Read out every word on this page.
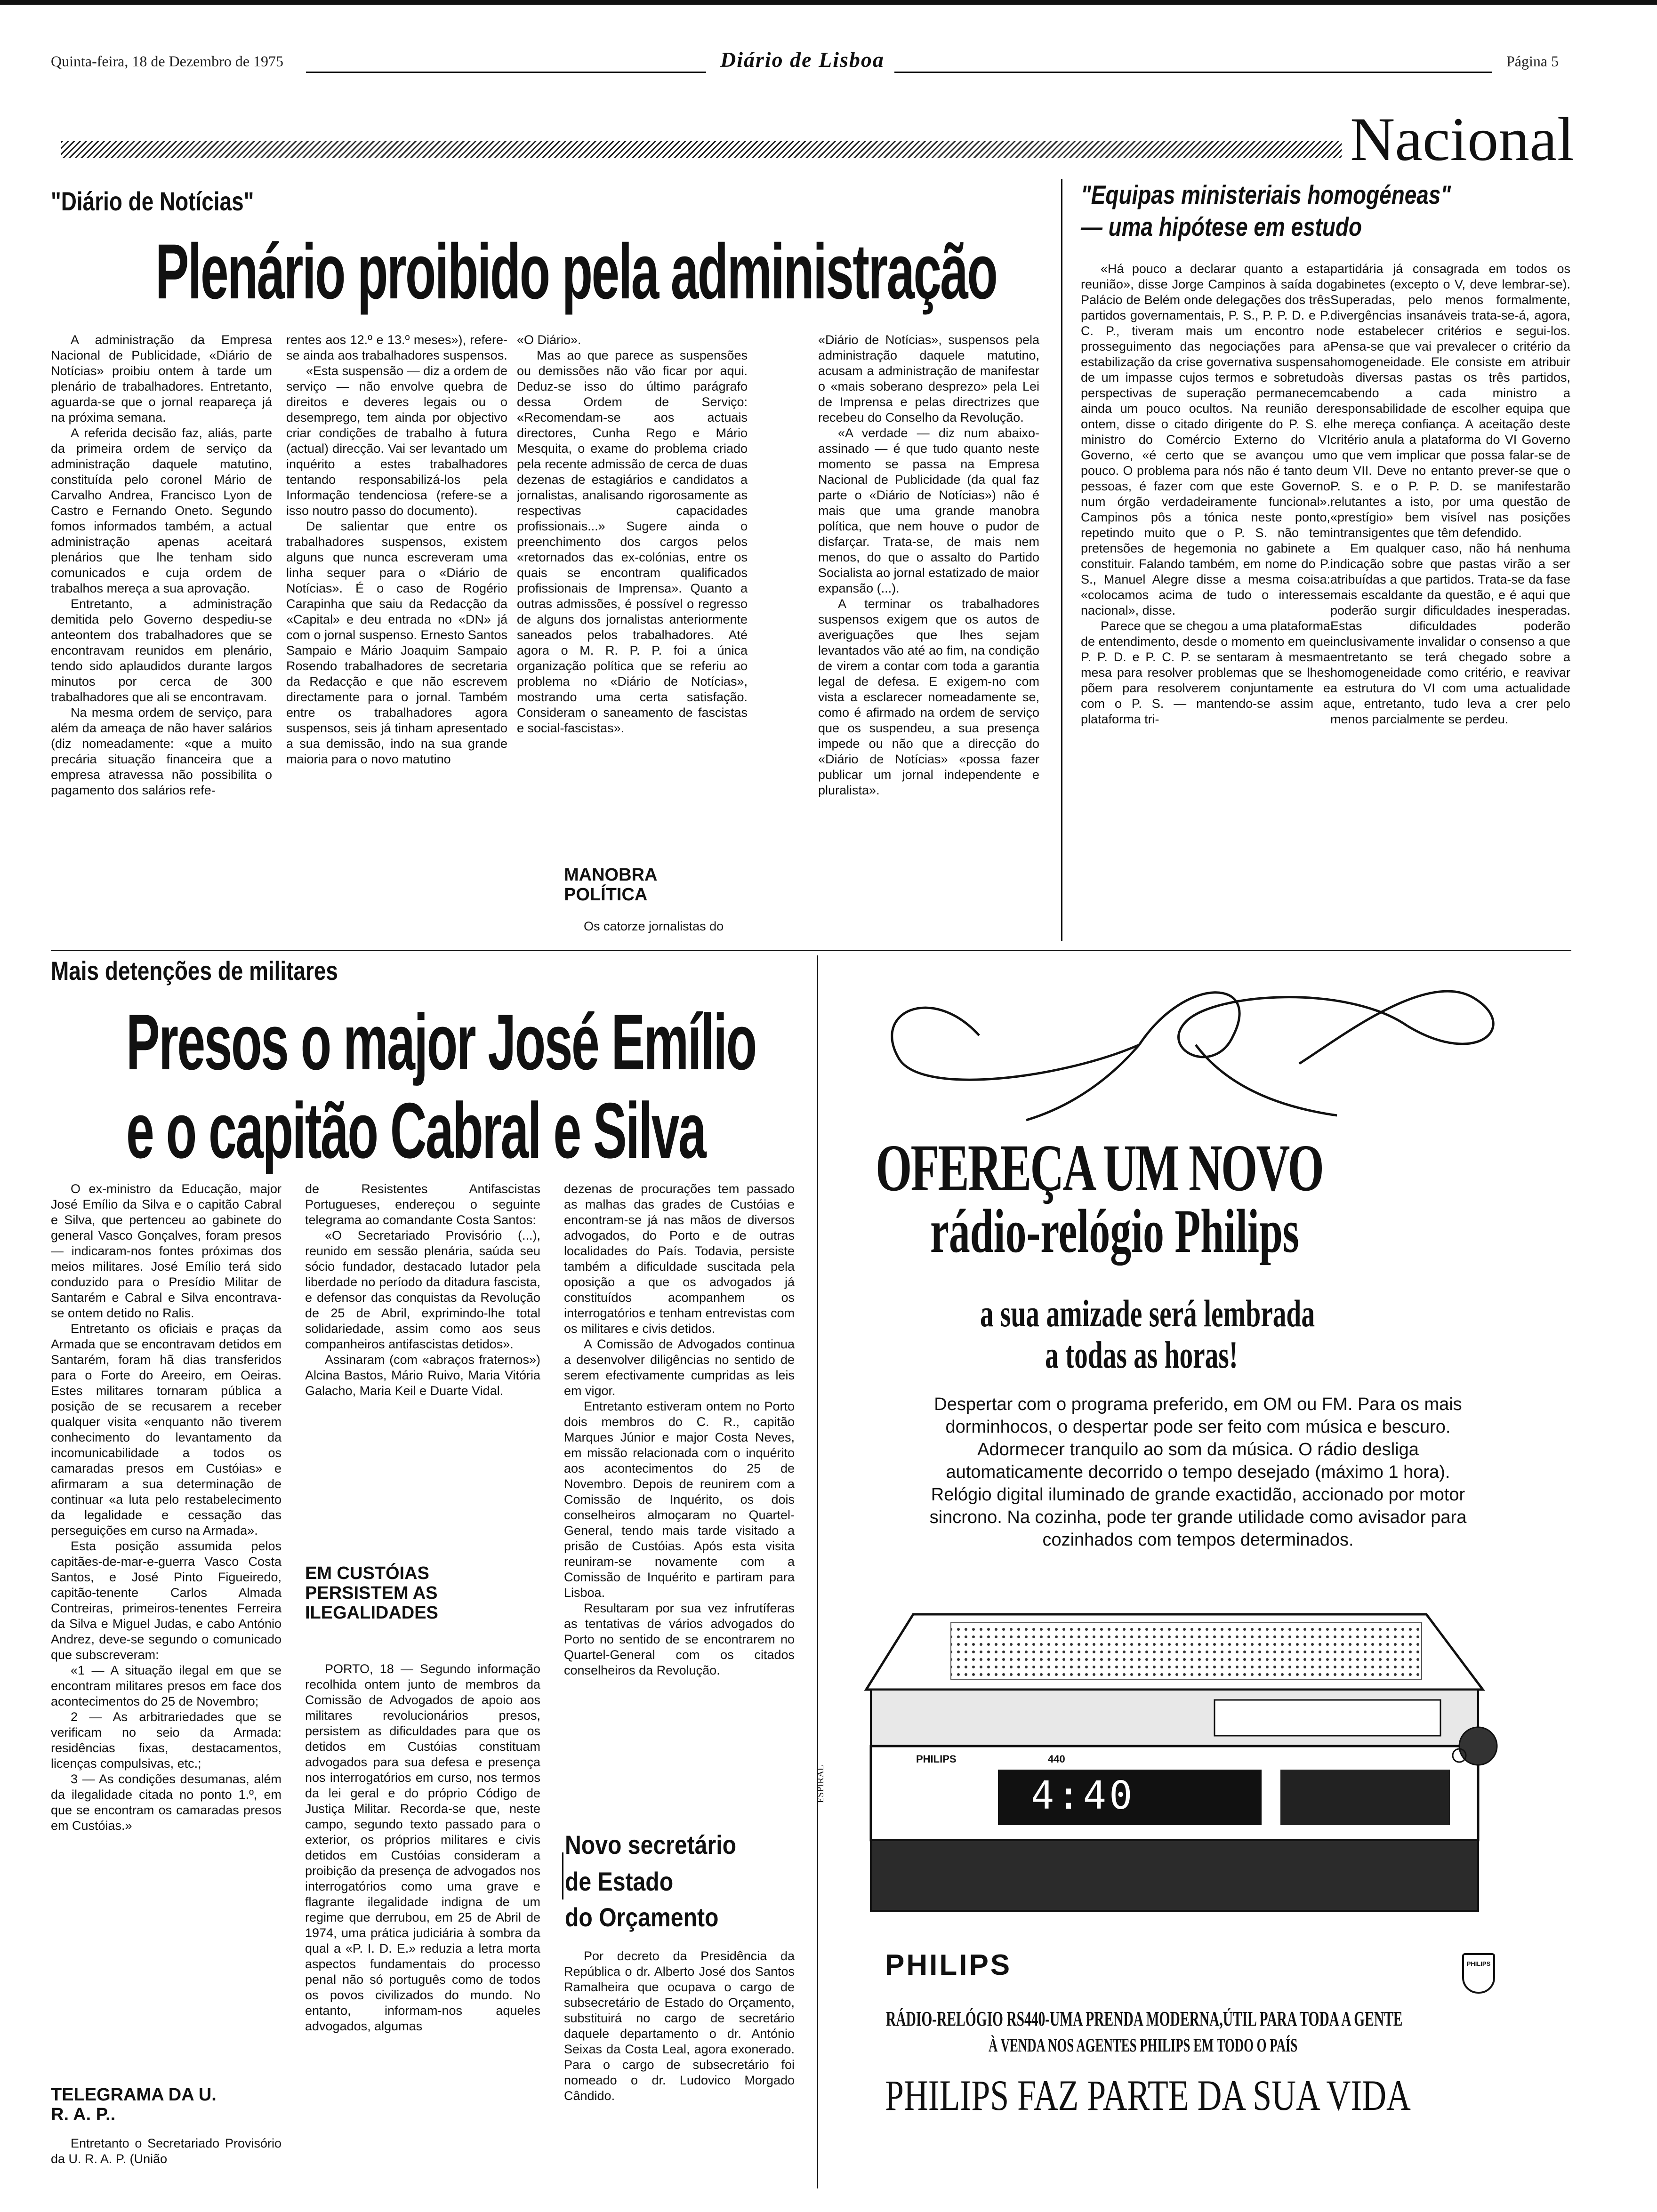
Quinta-feira, 18 de Dezembro de 1975	Diário de Lisboa	Página 5
Nacional
"Diário de Notícias"
Plenário proibido pela administração

A administração da Empresa Nacional de Publicidade, «Diário de Notícias» proibiu ontem à tarde um plenário de trabalhadores. Entretanto, aguarda-se que o jornal reapareça já na próxima semana.

A referida decisão faz, aliás, parte da primeira ordem de serviço da administração daquele matutino, constituída pelo coronel Mário de Carvalho Andrea, Francisco Lyon de Castro e Fernando Oneto. Segundo fomos informados também, a actual administração apenas aceitará plenários que lhe tenham sido comunicados e cuja ordem de trabalhos mereça a sua aprovação.

Entretanto, a administração demitida pelo Governo despediu-se anteontem dos trabalhadores que se encontravam reunidos em plenário, tendo sido aplaudidos durante largos minutos por cerca de 300 trabalhadores que ali se encontravam.

Na mesma ordem de serviço, para além da ameaça de não haver salários (diz nomeadamente: «que a muito precária situação financeira que a empresa atravessa não possibilita o pagamento dos salários refe-

rentes aos 12.º e 13.º meses»), refere-se ainda aos trabalhadores suspensos.

«Esta suspensão — diz a ordem de serviço — não envolve quebra de direitos e deveres legais ou o desemprego, tem ainda por objectivo criar condições de trabalho à futura (actual) direcção. Vai ser levantado um inquérito a estes trabalhadores tentando responsabilizá-los pela Informação tendenciosa (refere-se a isso noutro passo do documento).

De salientar que entre os trabalhadores suspensos, existem alguns que nunca escreveram uma linha sequer para o «Diário de Notícias». É o caso de Rogério Carapinha que saiu da Redacção da «Capital» e deu entrada no «DN» já com o jornal suspenso. Ernesto Santos Sampaio e Mário Joaquim Sampaio Rosendo trabalhadores de secretaria da Redacção e que não escrevem directamente para o jornal. Também entre os trabalhadores agora suspensos, seis já tinham apresentado a sua demissão, indo na sua grande maioria para o novo matutino

«O Diário».

Mas ao que parece as suspensões ou demissões não vão ficar por aqui. Deduz-se isso do último parágrafo dessa Ordem de Serviço: «Recomendam-se aos actuais directores, Cunha Rego e Mário Mesquita, o exame do problema criado pela recente admissão de cerca de duas dezenas de estagiários e candidatos a jornalistas, analisando rigorosamente as respectivas capacidades profissionais...» Sugere ainda o preenchimento dos cargos pelos «retornados das ex-colónias, entre os quais se encontram qualificados profissionais de Imprensa». Quanto a outras admissões, é possível o regresso de alguns dos jornalistas anteriormente saneados pelos trabalhadores. Até agora o M. R. P. P. foi a única organização política que se referiu ao problema no «Diário de Notícias», mostrando uma certa satisfação. Consideram o saneamento de fascistas e social-fascistas».

MANOBRA POLÍTICA

Os catorze jornalistas do

«Diário de Notícias», suspensos pela administração daquele matutino, acusam a administração de manifestar o «mais soberano desprezo» pela Lei de Imprensa e pelas directrizes que recebeu do Conselho da Revolução.

«A verdade — diz num abaixo-assinado — é que tudo quanto neste momento se passa na Empresa Nacional de Publicidade (da qual faz parte o «Diário de Notícias») não é mais que uma grande manobra política, que nem houve o pudor de disfarçar. Trata-se, de mais nem menos, do que o assalto do Partido Socialista ao jornal estatizado de maior expansão (...).

A terminar os trabalhadores suspensos exigem que os autos de averiguações que lhes sejam levantados vão até ao fim, na condição de virem a contar com toda a garantia legal de defesa. E exigem-no com vista a esclarecer nomeadamente se, como é afirmado na ordem de serviço que os suspendeu, a sua presença impede ou não que a direcção do «Diário de Notícias» «possa fazer publicar um jornal independente e pluralista».

"Equipas ministeriais homogéneas"
— uma hipótese em estudo

«Há pouco a declarar quanto a esta reunião», disse Jorge Campinos à saída do Palácio de Belém onde delegações dos três partidos governamentais, P. S., P. P. D. e P. C. P., tiveram mais um encontro no prosseguimento das negociações para a estabilização da crise governativa suspensa de um impasse cujos termos e sobretudo perspectivas de superação permanecem ainda um pouco ocultos. Na reunião de ontem, disse o citado dirigente do P. S. e ministro do Comércio Externo do VI Governo, «é certo que se avançou um pouco. O problema para nós não é tanto de pessoas, é fazer com que este Governo num órgão verdadeiramente funcional». Campinos pôs a tónica neste ponto, repetindo muito que o P. S. não tem pretensões de hegemonia no gabinete a constituir. Falando também, em nome do P. S., Manuel Alegre disse a mesma coisa: «colocamos acima de tudo o interesse nacional», disse.

Parece que se chegou a uma plataforma de entendimento, desde o momento em que P. P. D. e P. C. P. se sentaram à mesma mesa para resolver problemas que se lhes põem para resolverem conjuntamente e com o P. S. — mantendo-se assim a plataforma tri-

partidária já consagrada em todos os gabinetes (excepto o V, deve lembrar-se). Superadas, pelo menos formalmente, divergências insanáveis trata-se-á, agora, de estabelecer critérios e segui-los. Pensa-se que vai prevalecer o critério da homogeneidade. Ele consiste em atribuir às diversas pastas os três partidos, cabendo a cada ministro a responsabilidade de escolher equipa que lhe mereça confiança. A aceitação deste critério anula a plataforma do VI Governo o que vem implicar que possa falar-se de um VII. Deve no entanto prever-se que o P. S. e o P. P. D. se manifestarão relutantes a isto, por uma questão de «prestígio» bem visível nas posições intransigentes que têm defendido.

Em qualquer caso, não há nenhuma indicação sobre que pastas virão a ser atribuídas a que partidos. Trata-se da fase mais escaldante da questão, e é aqui que poderão surgir dificuldades inesperadas. Estas dificuldades poderão inclusivamente invalidar o consenso a que entretanto se terá chegado sobre a homogeneidade como critério, e reavivar a estrutura do VI com uma actualidade que, entretanto, tudo leva a crer pelo menos parcialmente se perdeu.

Mais detenções de militares
Presos o major José Emílio
e o capitão Cabral e Silva

O ex-ministro da Educação, major José Emílio da Silva e o capitão Cabral e Silva, que pertenceu ao gabinete do general Vasco Gonçalves, foram presos — indicaram-nos fontes próximas dos meios militares. José Emílio terá sido conduzido para o Presídio Militar de Santarém e Cabral e Silva encontrava-se ontem detido no Ralis.

Entretanto os oficiais e praças da Armada que se encontravam detidos em Santarém, foram hã dias transferidos para o Forte do Areeiro, em Oeiras. Estes militares tornaram pública a posição de se recusarem a receber qualquer visita «enquanto não tiverem conhecimento do levantamento da incomunicabilidade a todos os camaradas presos em Custóias» e afirmaram a sua determinação de continuar «a luta pelo restabelecimento da legalidade e cessação das perseguições em curso na Armada».

Esta posição assumida pelos capitães-de-mar-e-guerra Vasco Costa Santos, e José Pinto Figueiredo, capitão-tenente Carlos Almada Contreiras, primeiros-tenentes Ferreira da Silva e Miguel Judas, e cabo António Andrez, deve-se segundo o comunicado que subscreveram:

«1 — A situação ilegal em que se encontram militares presos em face dos acontecimentos do 25 de Novembro;

2 — As arbitrariedades que se verificam no seio da Armada: residências fixas, destacamentos, licenças compulsivas, etc.;

3 — As condições desumanas, além da ilegalidade citada no ponto 1.º, em que se encontram os camaradas presos em Custóias.»

TELEGRAMA DA U. R. A. P..

Entretanto o Secretariado Provisório da U. R. A. P. (União

de Resistentes Antifascistas Portugueses, endereçou o seguinte telegrama ao comandante Costa Santos:

«O Secretariado Provisório (...), reunido em sessão plenária, saúda seu sócio fundador, destacado lutador pela liberdade no período da ditadura fascista, e defensor das conquistas da Revolução de 25 de Abril, exprimindo-lhe total solidariedade, assim como aos seus companheiros antifascistas detidos».

Assinaram (com «abraços fraternos») Alcina Bastos, Mário Ruivo, Maria Vitória Galacho, Maria Keil e Duarte Vidal.

EM CUSTÓIAS PERSISTEM AS ILEGALIDADES

PORTO, 18 — Segundo informação recolhida ontem junto de membros da Comissão de Advogados de apoio aos militares revolucionários presos, persistem as dificuldades para que os detidos em Custóias constituam advogados para sua defesa e presença nos interrogatórios em curso, nos termos da lei geral e do próprio Código de Justiça Militar. Recorda-se que, neste campo, segundo texto passado para o exterior, os próprios militares e civis detidos em Custóias consideram a proibição da presença de advogados nos interrogatórios como uma grave e flagrante ilegalidade indigna de um regime que derrubou, em 25 de Abril de 1974, uma prática judiciária à sombra da qual a «P. I. D. E.» reduzia a letra morta aspectos fundamentais do processo penal não só português como de todos os povos civilizados do mundo. No entanto, informam-nos aqueles advogados, algumas

dezenas de procurações tem passado as malhas das grades de Custóias e encontram-se já nas mãos de diversos advogados, do Porto e de outras localidades do País. Todavia, persiste também a dificuldade suscitada pela oposição a que os advogados já constituídos acompanhem os interrogatórios e tenham entrevistas com os militares e civis detidos.

A Comissão de Advogados continua a desenvolver diligências no sentido de serem efectivamente cumpridas as leis em vigor.

Entretanto estiveram ontem no Porto dois membros do C. R., capitão Marques Júnior e major Costa Neves, em missão relacionada com o inquérito aos acontecimentos do 25 de Novembro. Depois de reunirem com a Comissão de Inquérito, os dois conselheiros almoçaram no Quartel-General, tendo mais tarde visitado a prisão de Custóias. Após esta visita reuniram-se novamente com a Comissão de Inquérito e partiram para Lisboa.

Resultaram por sua vez infrutíferas as tentativas de vários advogados do Porto no sentido de se encontrarem no Quartel-General com os citados conselheiros da Revolução.

Novo secretário
de Estado
do Orçamento

Por decreto da Presidência da República o dr. Alberto José dos Santos Ramalheira que ocupava o cargo de subsecretário de Estado do Orçamento, substituirá no cargo de secretário daquele departamento o dr. António Seixas da Costa Leal, agora exonerado. Para o cargo de subsecretário foi nomeado o dr. Ludovico Morgado Cândido.

OFEREÇA UM NOVO
rádio-relógio Philips
a sua amizade será lembrada
a todas as horas!
Despertar com o programa preferido, em OM ou FM. Para os mais dorminhocos, o despertar pode ser feito com música e bescuro. Adormecer tranquilo ao som da música. O rádio desliga automaticamente decorrido o tempo desejado (máximo 1 hora). Relógio digital iluminado de grande exactidão, accionado por motor sincrono. Na cozinha, pode ter grande utilidade como avisador para cozinhados com tempos determinados.
PHILIPS	440
4:40
ESPIRAL
PHILIPS	PHILIPS
RÁDIO-RELÓGIO RS440-UMA PRENDA MODERNA,ÚTIL PARA TODA A GENTE
À VENDA NOS AGENTES PHILIPS EM TODO O PAÍS
PHILIPS FAZ PARTE DA SUA VIDA
